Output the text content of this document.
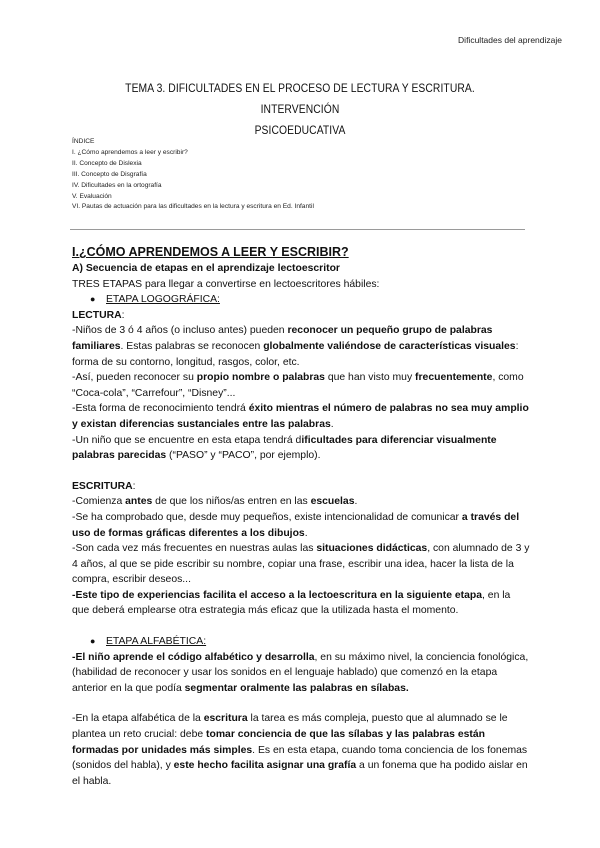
Dificultades del aprendizaje
TEMA 3. DIFICULTADES EN EL PROCESO DE LECTURA Y ESCRITURA. INTERVENCIÓN
PSICOEDUCATIVA
ÍNDICE
I. ¿Cómo aprendemos a leer y escribir?
II. Concepto de Dislexia
III. Concepto de Disgrafía
IV. Dificultades en la ortografía
V. Evaluación
VI. Pautas de actuación para las dificultades en la lectura y escritura en Ed. Infantil

I.¿CÓMO APRENDEMOS A LEER Y ESCRIBIR?

A) Secuencia de etapas en el aprendizaje lectoescritor

TRES ETAPAS para llegar a convertirse en lectoescritores hábiles:

●	ETAPA LOGOGRÁFICA:

LECTURA:

-Niños de 3 ó 4 años (o incluso antes) pueden reconocer un pequeño grupo de palabras familiares. Estas palabras se reconocen globalmente valiéndose de características visuales: forma de su contorno, longitud, rasgos, color, etc.

-Así, pueden reconocer su propio nombre o palabras que han visto muy frecuentemente, como “Coca-cola”, “Carrefour”, “Disney”...

-Esta forma de reconocimiento tendrá éxito mientras el número de palabras no sea muy amplio y existan diferencias sustanciales entre las palabras.

-Un niño que se encuentre en esta etapa tendrá dificultades para diferenciar visualmente palabras parecidas (“PASO” y “PACO”, por ejemplo).

ESCRITURA:

-Comienza antes de que los niños/as entren en las escuelas.

-Se ha comprobado que, desde muy pequeños, existe intencionalidad de comunicar a través del uso de formas gráficas diferentes a los dibujos.

-Son cada vez más frecuentes en nuestras aulas las situaciones didácticas, con alumnado de 3 y 4 años, al que se pide escribir su nombre, copiar una frase, escribir una idea, hacer la lista de la compra, escribir deseos...

-Este tipo de experiencias facilita el acceso a la lectoescritura en la siguiente etapa, en la que deberá emplearse otra estrategia más eficaz que la utilizada hasta el momento.

●	ETAPA ALFABÉTICA:

-El niño aprende el código alfabético y desarrolla, en su máximo nivel, la conciencia fonológica, (habilidad de reconocer y usar los sonidos en el lenguaje hablado) que comenzó en la etapa anterior en la que podía segmentar oralmente las palabras en sílabas.

-En la etapa alfabética de la escritura la tarea es más compleja, puesto que al alumnado se le plantea un reto crucial: debe tomar conciencia de que las sílabas y las palabras están formadas por unidades más simples. Es en esta etapa, cuando toma conciencia de los fonemas (sonidos del habla), y este hecho facilita asignar una grafía a un fonema que ha podido aislar en el habla.
